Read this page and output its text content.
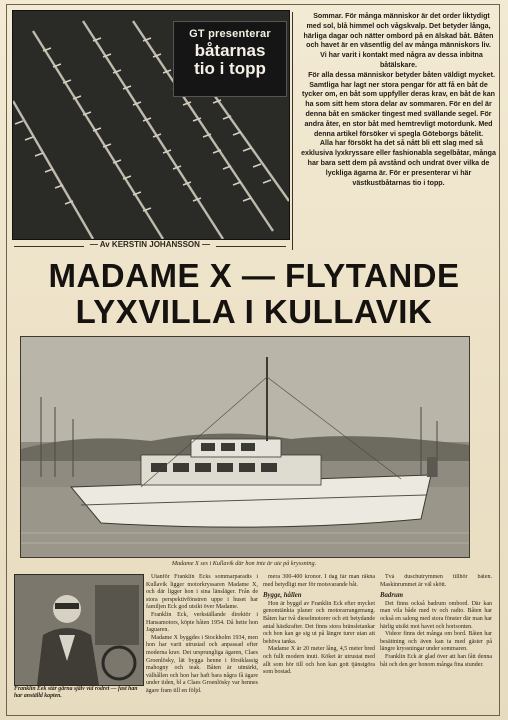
GT presenterar
båtarnas
tio i topp
— Av KERSTIN JOHANSSON —

Sommar. För många människor är det order liktydigt med sol, blå himmel och vågskvalp. Det betyder långa, härliga dagar och nätter ombord på en älskad båt. Båten och havet är en väsentlig del av många människors liv.

Vi har varit i kontakt med några av dessa inbitna båtälskare.

För alla dessa människor betyder båten väldigt mycket. Samtliga har lagt ner stora pengar för att få en båt de tycker om, en båt som uppfyller deras krav, en båt de kan ha som sitt hem stora delar av sommaren. För en del är denna båt en smäcker tingest med svällande segel. För andra åter, en stor båt med hemtrevligt motordunk. Med denna artikel försöker vi spegla Göteborgs båtelit.

Alla har försökt ha det så nått bli ett slag med så exklusiva lyxkryssare eller fashionabla segelbåtar, många har bara sett dem på avstånd och undrat över vilka de lyckliga ägarna är. För er presenterar vi här västkustbåtarnas tio i topp.

MADAME X — FLYTANDE
LYXVILLA I KULLAVIK
Madame X ses i Kullavik där hon inte är ute på kryssning.
Franklin Eek står gärna själv vid rodret — fast han har anställd kapten.

Utanför Franklin Ecks sommarparadis i Kullavik ligger motorkryssaren Madame X, och där ligger hon i sina länsläger. Från de stora perspektivfönstren uppe i huset har familjen Eck god utsikt över Madame.

Franklin Eck, verkställande direktör i Hansamotors, köpte båten 1954. Då hette hon Jaguaren.

Madame X byggdes i Stockholm 1934, men hon har varit utrustad och anpassad efter moderna krav. Det ursprungliga ägaren, Claes Groenlösky, lät bygga henne i förstklassig mahogny och teak. Båten är utmärkt, välhållen och hon har haft bara några få ägare under tiden, bl a Claes Groenlösky var hennes ägare fram till en följd.

mera 300-400 kronor. I dag får man räkna med betydligt mer för motsvarande båt.

Bygge, hållen

Hon är byggd av Franklin Eck efter mycket genomtänkta planer och motorarrangemang. Båten har två dieselmotorer och ett betydande antal hästkrafter. Det finns stora bränsletankar och hon kan ge sig ut på längre turer utan att behöva tanka.

Madame X är 20 meter lång, 4,5 meter bred och fullt modern inuti. Köket är utrustat med allt som hör till och hon kan gott tjänstgöra som bostad.

Två duschutrymmen tillhör båten. Maskinrummet är väl skött.

Badrum

Det finns också badrum ombord. Där kan man vila både med tv och radio. Båten har också en salong med stora fönster där man har härlig utsikt mot havet och horisonten.

Videor finns det många om bord. Båten har besättning och även kan ta med gäster på längre kryssningar under sommaren.

Franklin Eck är glad över att han fått denna båt och den ger honom många fina stunder.
